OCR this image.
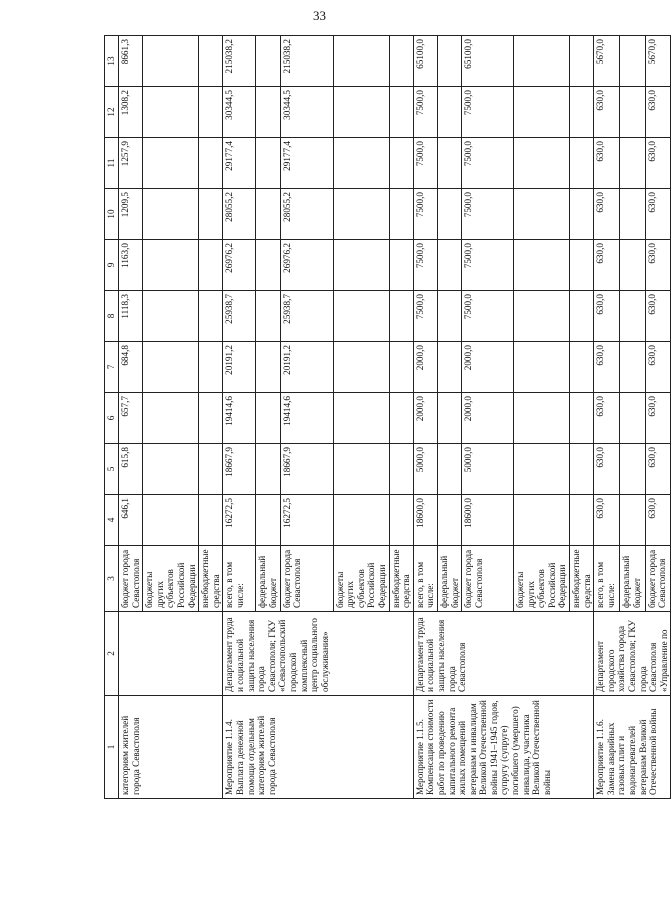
33
1	2	3	4	5	6	7	8	9	10	11	12	13
категориям жителей города Севастополя		бюджет города Севастополя	646,1	615,8	657,7	684,8	1118,3	1163,0	1209,5	1257,9	1308,2	8661,3
		бюджеты других субъектов Российской Федерации										
		внебюджетные средства										
Мероприятие 1.1.4. Выплата денежной помощи отдельным категориям жителей города Севастополя	Департамент труда и социальной защиты населения города Севастополя; ГКУ «Севастопольский городской комплексный центр социального обслуживания»	всего, в том числе:	16272,5	18667,9	19414,6	20191,2	25938,7	26976,2	28055,2	29177,4	30344,5	215038,2
		федеральный бюджет										
		бюджет города Севастополя	16272,5	18667,9	19414,6	20191,2	25938,7	26976,2	28055,2	29177,4	30344,5	215038,2
		бюджеты других субъектов Российской Федерации										
		внебюджетные средства										
Мероприятие 1.1.5. Компенсация стоимости работ по проведению капитального ремонта жилых помещений ветеранам и инвалидам Великой Отечественной войны 1941–1945 годов, супругу (супруге) погибшего (умершего) инвалида, участника Великой Отечественной войны	Департамент труда и социальной защиты населения города Севастополя	всего, в том числе:	18600,0	5000,0	2000,0	2000,0	7500,0	7500,0	7500,0	7500,0	7500,0	65100,0
		федеральный бюджет										
		бюджет города Севастополя	18600,0	5000,0	2000,0	2000,0	7500,0	7500,0	7500,0	7500,0	7500,0	65100,0
		бюджеты других субъектов Российской Федерации										
		внебюджетные средства										
Мероприятие 1.1.6. Замена аварийных газовых плит и водонагревателей ветеранам Великой Отечественной войны	Департамент городского хозяйства города Севастополя; ГКУ города Севастополя «Управление по	всего, в том числе:	630,0	630,0	630,0	630,0	630,0	630,0	630,0	630,0	630,0	5670,0
		федеральный бюджет										
		бюджет города Севастополя	630,0	630,0	630,0	630,0	630,0	630,0	630,0	630,0	630,0	5670,0
